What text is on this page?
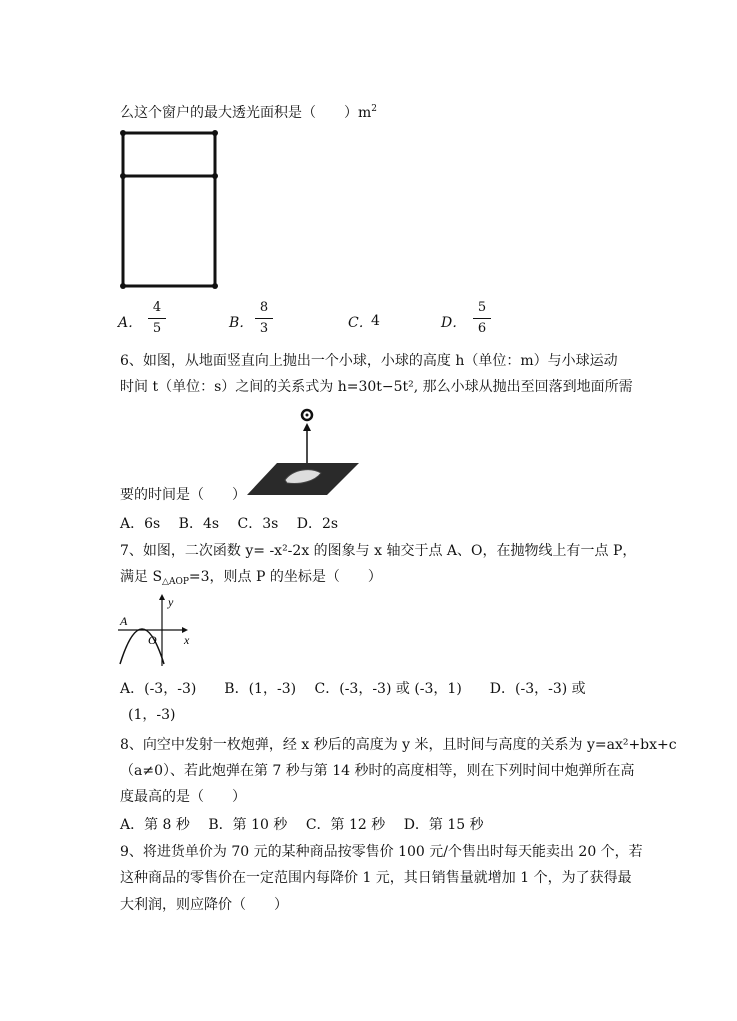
么这个窗户的最大透光面积是（　　）$m^2$
A．
4
5	B．
8
3	C．
4	D．
5
6
6、如图，从地面竖直向上抛出一个小球，小球的高度 h（单位：m）与小球运动
时间 t（单位：s）之间的关系式为 h=30t−5t², 那么小球从抛出至回落到地面所需
要的时间是（　　）
A．6s　 B．4s　 C．3s　 D．2s
7、如图，二次函数 y= -x²-2x 的图象与 x 轴交于点 A、O，在抛物线上有一点 P，
满足 $S_{\triangle AOP}=3$，则点 P 的坐标是（　　）
y
x
A
O
A．(-3，-3)　　B．(1，-3)　 C．(-3，-3) 或 (-3，1)　　D．(-3，-3) 或
(1，-3)
8、向空中发射一枚炮弹，经 x 秒后的高度为 y 米，且时间与高度的关系为 y=ax²+bx+c
（a≠0）、若此炮弹在第 7 秒与第 14 秒时的高度相等，则在下列时间中炮弹所在高
度最高的是（　　）
A．第 8 秒　 B．第 10 秒　 C．第 12 秒　 D．第 15 秒
9、将进货单价为 70 元的某种商品按零售价 100 元/个售出时每天能卖出 20 个，若
这种商品的零售价在一定范围内每降价 1 元，其日销售量就增加 1 个，为了获得最
大利润，则应降价（　　）
